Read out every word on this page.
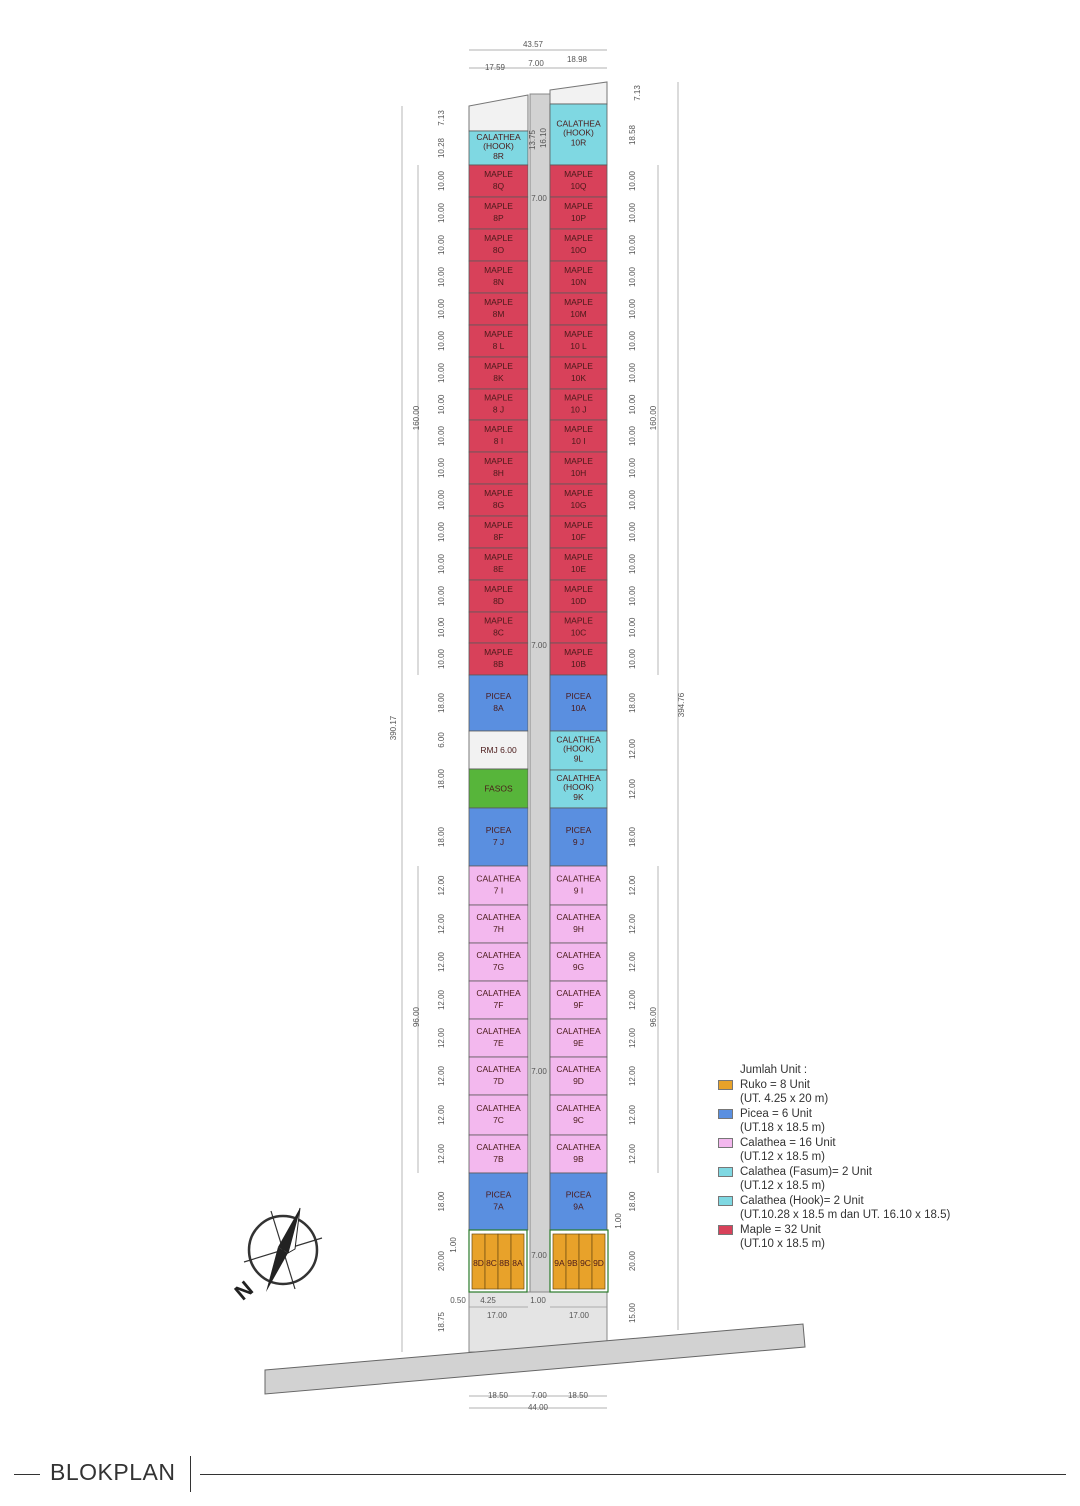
CALATHEA
(HOOK)
8R
MAPLE
8Q
MAPLE
8P
MAPLE
8O
MAPLE
8N
MAPLE
8M
MAPLE
8 L
MAPLE
8K
MAPLE
8 J
MAPLE
8 I
MAPLE
8H
MAPLE
8G
MAPLE
8F
MAPLE
8E
MAPLE
8D
MAPLE
8C
MAPLE
8B
PICEA
8A
RMJ 6.00
FASOS
PICEA
7 J
CALATHEA
7 I
CALATHEA
7H
CALATHEA
7G
CALATHEA
7F
CALATHEA
7E
CALATHEA
7D
CALATHEA
7C
CALATHEA
7B
PICEA
7A
CALATHEA
(HOOK)
10R
MAPLE
10Q
MAPLE
10P
MAPLE
10O
MAPLE
10N
MAPLE
10M
MAPLE
10 L
MAPLE
10K
MAPLE
10 J
MAPLE
10 I
MAPLE
10H
MAPLE
10G
MAPLE
10F
MAPLE
10E
MAPLE
10D
MAPLE
10C
MAPLE
10B
PICEA
10A
CALATHEA
(HOOK)
9L
CALATHEA
(HOOK)
9K
PICEA
9 J
CALATHEA
9 I
CALATHEA
9H
CALATHEA
9G
CALATHEA
9F
CALATHEA
9E
CALATHEA
9D
CALATHEA
9C
CALATHEA
9B
PICEA
9A
8D 8C 8B 8A	9A 9B 9C 9D
43.57
17.59	7.00	18.98
7.13
18.50	7.00	18.50
44.00
390.17
394.76
160.00	160.00
96.00	96.00
7.13
10.28
18.58
13.75 16.10
10.00	10.00
10.00	10.00
10.00	10.00
10.00	10.00
10.00	10.00
10.00	10.00
10.00	10.00
10.00	10.00
10.00	10.00
10.00	10.00
10.00	10.00
10.00	10.00
10.00	10.00
10.00	10.00
10.00	10.00
10.00	10.00
18.00	18.00
18.00	18.00
18.00	18.00
6.00
18.00
12.00
12.00
12.00	12.00
12.00	12.00
12.00	12.00
12.00	12.00
12.00	12.00
12.00	12.00
12.00	12.00
12.00	12.00
20.00	20.00
1.00
1.00
18.75	15.00
7.00
7.00
7.00
7.00
0.50 4.25	1.00
17.00	17.00
N
Jumlah Unit :
Ruko = 8 Unit
(UT. 4.25 x 20 m)
Picea = 6 Unit
(UT.18 x 18.5 m)
Calathea = 16 Unit
(UT.12 x 18.5 m)
Calathea (Fasum)= 2 Unit
(UT.12 x 18.5 m)
Calathea (Hook)= 2 Unit
(UT.10.28 x 18.5 m dan UT. 16.10 x 18.5)
Maple = 32 Unit
(UT.10 x 18.5 m)
BLOKPLAN
